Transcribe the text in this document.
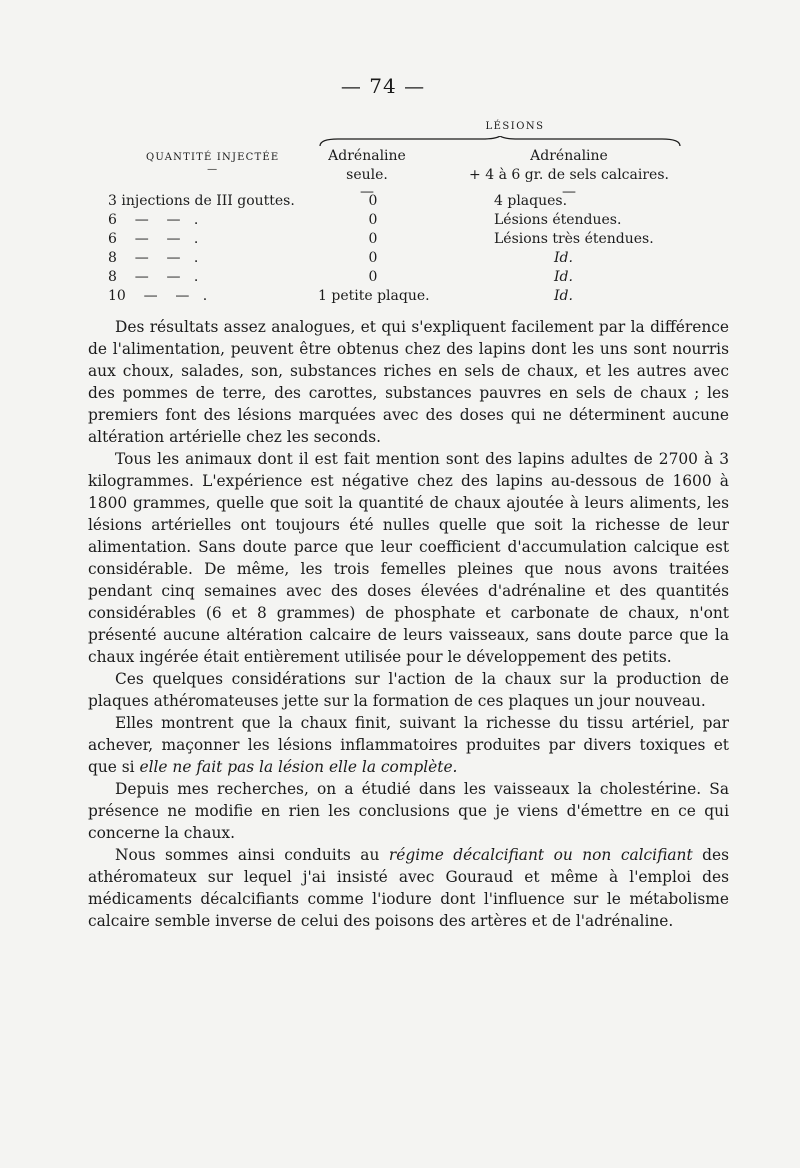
— 74 —
LÉSIONS
QUANTITÉ INJECTÉE
—
Adrénaline
seule.
—
Adrénaline
+ 4 à 6 gr. de sels calcaires.
—
3 injections de III gouttes.	0	4 plaques.
6    —    —   .	0	Lésions étendues.
6    —    —   .	0	Lésions très étendues.
8    —    —   .	0	Id.
8    —    —   .	0	Id.
10    —    —   .	1 petite plaque.	Id.

Des résultats assez analogues, et qui s'expliquent facilement par la différence de l'alimentation, peuvent être obtenus chez des lapins dont les uns sont nourris aux choux, salades, son, substances riches en sels de chaux, et les autres avec des pommes de terre, des carottes, substances pauvres en sels de chaux ; les premiers font des lésions marquées avec des doses qui ne déterminent aucune altération artérielle chez les seconds.

Tous les animaux dont il est fait mention sont des lapins adultes de 2700 à 3 kilogrammes. L'expérience est négative chez des lapins au-dessous de 1600 à 1800 grammes, quelle que soit la quantité de chaux ajoutée à leurs aliments, les lésions artérielles ont toujours été nulles quelle que soit la richesse de leur alimentation. Sans doute parce que leur coefficient d'accumulation calcique est considérable. De même, les trois femelles pleines que nous avons traitées pendant cinq semaines avec des doses élevées d'adrénaline et des quantités considérables (6 et 8 grammes) de phosphate et carbonate de chaux, n'ont présenté aucune altération calcaire de leurs vaisseaux, sans doute parce que la chaux ingérée était entièrement utilisée pour le développement des petits.

Ces quelques considérations sur l'action de la chaux sur la production de plaques athéromateuses jette sur la formation de ces plaques un jour nouveau.

Elles montrent que la chaux finit, suivant la richesse du tissu artériel, par achever, maçonner les lésions inflammatoires produites par divers toxiques et que si elle ne fait pas la lésion elle la complète.

Depuis mes recherches, on a étudié dans les vaisseaux la cholestérine. Sa présence ne modifie en rien les conclusions que je viens d'émettre en ce qui concerne la chaux.

Nous sommes ainsi conduits au régime décalcifiant ou non calcifiant des athéromateux sur lequel j'ai insisté avec Gouraud et même à l'emploi des médicaments décalcifiants comme l'iodure dont l'influence sur le métabolisme calcaire semble inverse de celui des poisons des artères et de l'adrénaline.
